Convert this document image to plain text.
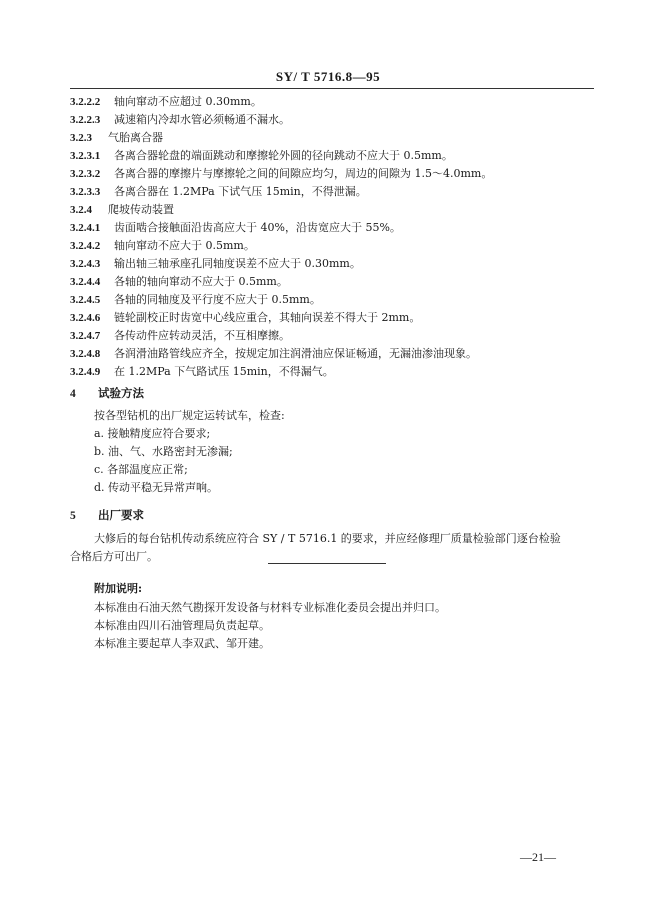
SY/ T 5716.8—95
3.2.2.2 轴向窜动不应超过 0.30mm。
3.2.2.3 减速箱内冷却水管必须畅通不漏水。
3.2.3 气胎离合器
3.2.3.1 各离合器轮盘的端面跳动和摩擦轮外圆的径向跳动不应大于 0.5mm。
3.2.3.2 各离合器的摩擦片与摩擦轮之间的间隙应均匀，周边的间隙为 1.5～4.0mm。
3.2.3.3 各离合器在 1.2MPa 下试气压 15min，不得泄漏。
3.2.4 爬坡传动装置
3.2.4.1 齿面啮合接触面沿齿高应大于 40%，沿齿宽应大于 55%。
3.2.4.2 轴向窜动不应大于 0.5mm。
3.2.4.3 输出轴三轴承座孔同轴度误差不应大于 0.30mm。
3.2.4.4 各轴的轴向窜动不应大于 0.5mm。
3.2.4.5 各轴的同轴度及平行度不应大于 0.5mm。
3.2.4.6 链轮副校正时齿宽中心线应重合，其轴向误差不得大于 2mm。
3.2.4.7 各传动件应转动灵活，不互相摩擦。
3.2.4.8 各润滑油路管线应齐全，按规定加注润滑油应保证畅通，无漏油渗油现象。
3.2.4.9 在 1.2MPa 下气路试压 15min，不得漏气。
4 试验方法
按各型钻机的出厂规定运转试车，检查:
a. 接触精度应符合要求;
b. 油、气、水路密封无渗漏;
c. 各部温度应正常;
d. 传动平稳无异常声响。
5 出厂要求
大修后的每台钻机传动系统应符合 SY / T 5716.1 的要求，并应经修理厂质量检验部门逐台检验
合格后方可出厂。
附加说明:
本标准由石油天然气勘探开发设备与材料专业标准化委员会提出并归口。
本标准由四川石油管理局负责起草。
本标准主要起草人李双武、邹开建。
—21—
